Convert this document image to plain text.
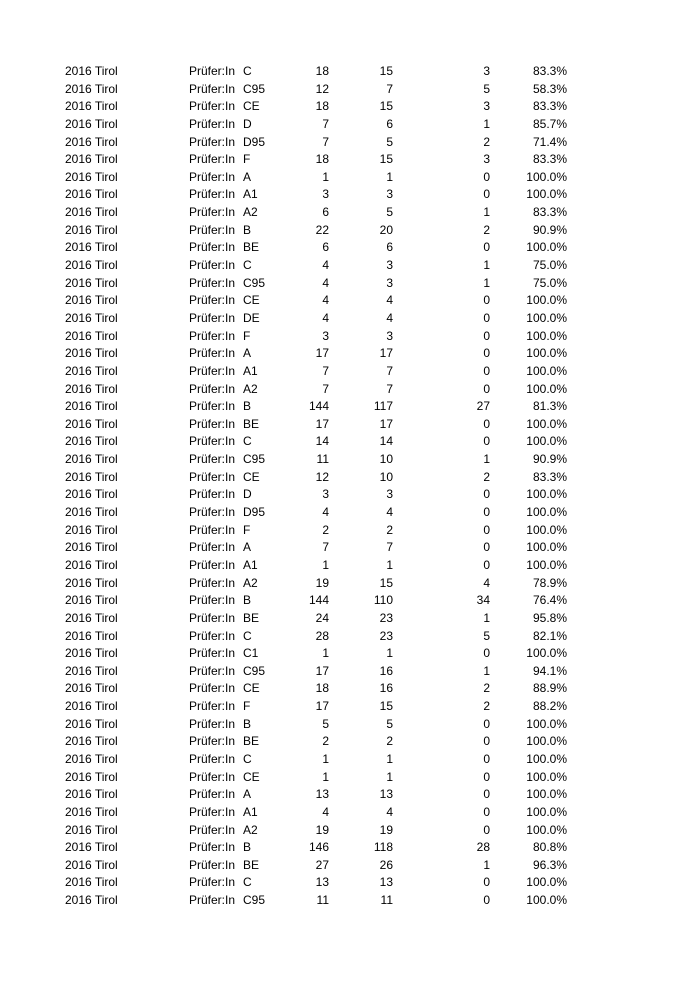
2016 Tirol	Prüfer:In C	18	15	3	83.3%
2016 Tirol	Prüfer:In C95	12	7	5	58.3%
2016 Tirol	Prüfer:In CE	18	15	3	83.3%
2016 Tirol	Prüfer:In D	7	6	1	85.7%
2016 Tirol	Prüfer:In D95	7	5	2	71.4%
2016 Tirol	Prüfer:In F	18	15	3	83.3%
2016 Tirol	Prüfer:In A	1	1	0	100.0%
2016 Tirol	Prüfer:In A1	3	3	0	100.0%
2016 Tirol	Prüfer:In A2	6	5	1	83.3%
2016 Tirol	Prüfer:In B	22	20	2	90.9%
2016 Tirol	Prüfer:In BE	6	6	0	100.0%
2016 Tirol	Prüfer:In C	4	3	1	75.0%
2016 Tirol	Prüfer:In C95	4	3	1	75.0%
2016 Tirol	Prüfer:In CE	4	4	0	100.0%
2016 Tirol	Prüfer:In DE	4	4	0	100.0%
2016 Tirol	Prüfer:In F	3	3	0	100.0%
2016 Tirol	Prüfer:In A	17	17	0	100.0%
2016 Tirol	Prüfer:In A1	7	7	0	100.0%
2016 Tirol	Prüfer:In A2	7	7	0	100.0%
2016 Tirol	Prüfer:In B	144	117	27	81.3%
2016 Tirol	Prüfer:In BE	17	17	0	100.0%
2016 Tirol	Prüfer:In C	14	14	0	100.0%
2016 Tirol	Prüfer:In C95	11	10	1	90.9%
2016 Tirol	Prüfer:In CE	12	10	2	83.3%
2016 Tirol	Prüfer:In D	3	3	0	100.0%
2016 Tirol	Prüfer:In D95	4	4	0	100.0%
2016 Tirol	Prüfer:In F	2	2	0	100.0%
2016 Tirol	Prüfer:In A	7	7	0	100.0%
2016 Tirol	Prüfer:In A1	1	1	0	100.0%
2016 Tirol	Prüfer:In A2	19	15	4	78.9%
2016 Tirol	Prüfer:In B	144	110	34	76.4%
2016 Tirol	Prüfer:In BE	24	23	1	95.8%
2016 Tirol	Prüfer:In C	28	23	5	82.1%
2016 Tirol	Prüfer:In C1	1	1	0	100.0%
2016 Tirol	Prüfer:In C95	17	16	1	94.1%
2016 Tirol	Prüfer:In CE	18	16	2	88.9%
2016 Tirol	Prüfer:In F	17	15	2	88.2%
2016 Tirol	Prüfer:In B	5	5	0	100.0%
2016 Tirol	Prüfer:In BE	2	2	0	100.0%
2016 Tirol	Prüfer:In C	1	1	0	100.0%
2016 Tirol	Prüfer:In CE	1	1	0	100.0%
2016 Tirol	Prüfer:In A	13	13	0	100.0%
2016 Tirol	Prüfer:In A1	4	4	0	100.0%
2016 Tirol	Prüfer:In A2	19	19	0	100.0%
2016 Tirol	Prüfer:In B	146	118	28	80.8%
2016 Tirol	Prüfer:In BE	27	26	1	96.3%
2016 Tirol	Prüfer:In C	13	13	0	100.0%
2016 Tirol	Prüfer:In C95	11	11	0	100.0%
